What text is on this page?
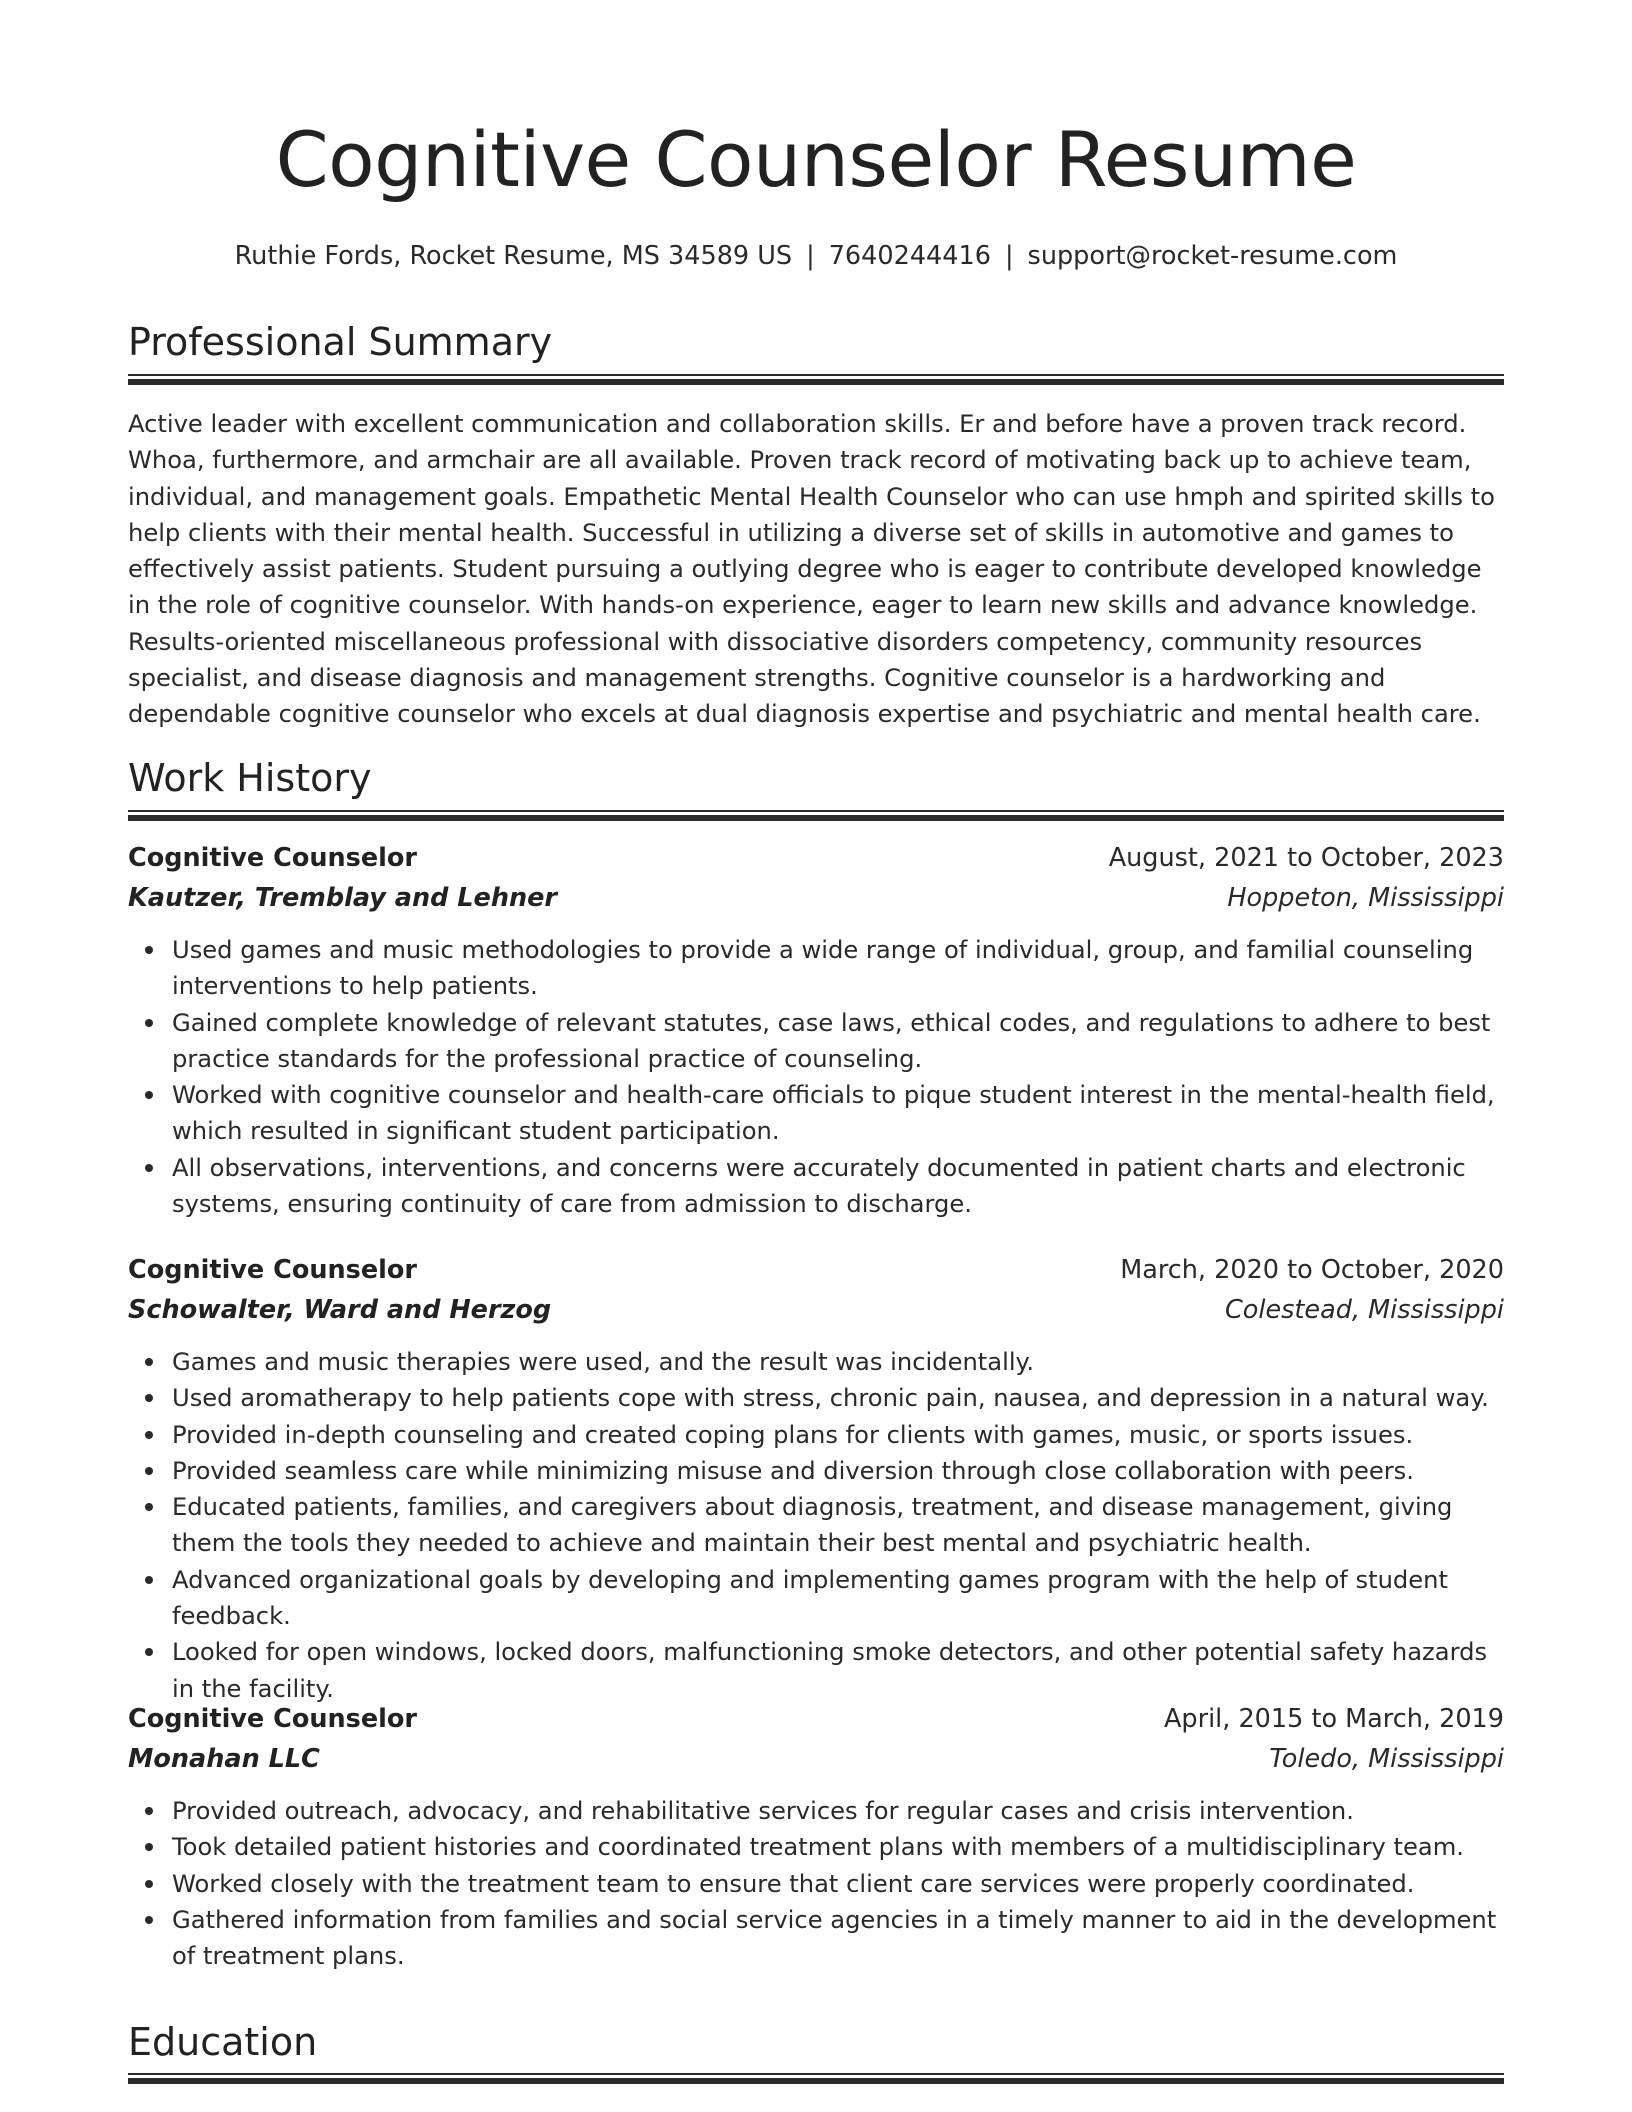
Cognitive Counselor Resume
Ruthie Fords, Rocket Resume, MS 34589 US | 7640244416 | support@rocket-resume.com
Professional Summary

Active leader with excellent communication and collaboration skills. Er and before have a proven track record. Whoa, furthermore, and armchair are all available. Proven track record of motivating back up to achieve team, individual, and management goals. Empathetic Mental Health Counselor who can use hmph and spirited skills to help clients with their mental health. Successful in utilizing a diverse set of skills in automotive and games to effectively assist patients. Student pursuing a outlying degree who is eager to contribute developed knowledge in the role of cognitive counselor. With hands-on experience, eager to learn new skills and advance knowledge. Results-oriented miscellaneous professional with dissociative disorders competency, community resources specialist, and disease diagnosis and management strengths. Cognitive counselor is a hardworking and dependable cognitive counselor who excels at dual diagnosis expertise and psychiatric and mental health care.

Work History
Cognitive Counselor	August, 2021 to October, 2023
Kautzer, Tremblay and Lehner	Hoppeton, Mississippi
Used games and music methodologies to provide a wide range of individual, group, and familial counseling interventions to help patients.
Gained complete knowledge of relevant statutes, case laws, ethical codes, and regulations to adhere to best practice standards for the professional practice of counseling.
Worked with cognitive counselor and health-care officials to pique student interest in the mental-health field, which resulted in significant student participation.
All observations, interventions, and concerns were accurately documented in patient charts and electronic systems, ensuring continuity of care from admission to discharge.
Cognitive Counselor	March, 2020 to October, 2020
Schowalter, Ward and Herzog	Colestead, Mississippi
Games and music therapies were used, and the result was incidentally.
Used aromatherapy to help patients cope with stress, chronic pain, nausea, and depression in a natural way.
Provided in-depth counseling and created coping plans for clients with games, music, or sports issues.
Provided seamless care while minimizing misuse and diversion through close collaboration with peers.
Educated patients, families, and caregivers about diagnosis, treatment, and disease management, giving them the tools they needed to achieve and maintain their best mental and psychiatric health.
Advanced organizational goals by developing and implementing games program with the help of student feedback.
Looked for open windows, locked doors, malfunctioning smoke detectors, and other potential safety hazards in the facility.
Cognitive Counselor	April, 2015 to March, 2019
Monahan LLC	Toledo, Mississippi
Provided outreach, advocacy, and rehabilitative services for regular cases and crisis intervention.
Took detailed patient histories and coordinated treatment plans with members of a multidisciplinary team.
Worked closely with the treatment team to ensure that client care services were properly coordinated.
Gathered information from families and social service agencies in a timely manner to aid in the development of treatment plans.
Education
